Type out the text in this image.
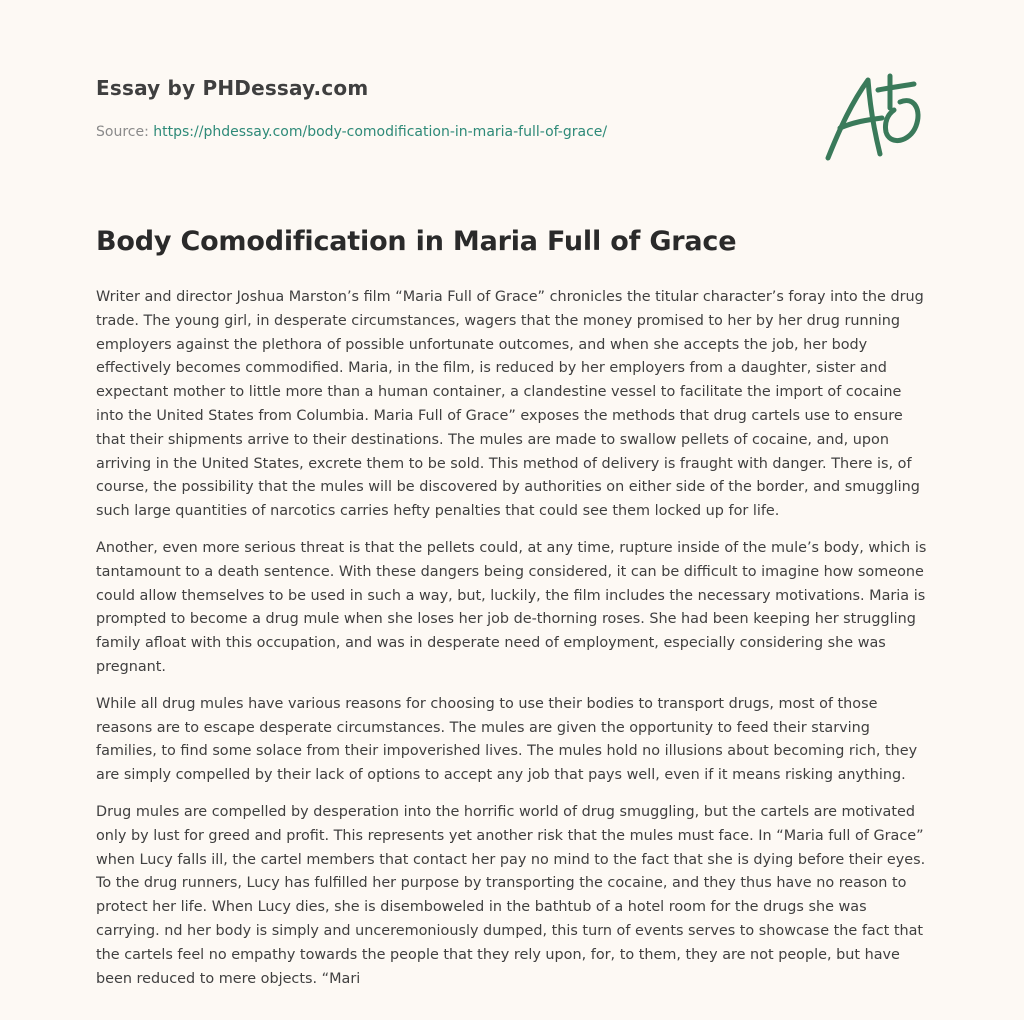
Essay by PHDessay.com
Source: https://phdessay.com/body-comodification-in-maria-full-of-grace/
Body Comodification in Maria Full of Grace

Writer and director Joshua Marston’s film “Maria Full of Grace” chronicles the titular character’s foray into the drug trade. The young girl, in desperate circumstances, wagers that the money promised to her by her drug running employers against the plethora of possible unfortunate outcomes, and when she accepts the job, her body effectively becomes commodified. Maria, in the film, is reduced by her employers from a daughter, sister and expectant mother to little more than a human container, a clandestine vessel to facilitate the import of cocaine into the United States from Columbia. Maria Full of Grace” exposes the methods that drug cartels use to ensure that their shipments arrive to their destinations. The mules are made to swallow pellets of cocaine, and, upon arriving in the United States, excrete them to be sold. This method of delivery is fraught with danger. There is, of course, the possibility that the mules will be discovered by authorities on either side of the border, and smuggling such large quantities of narcotics carries hefty penalties that could see them locked up for life.

Another, even more serious threat is that the pellets could, at any time, rupture inside of the mule’s body, which is tantamount to a death sentence. With these dangers being considered, it can be difficult to imagine how someone could allow themselves to be used in such a way, but, luckily, the film includes the necessary motivations. Maria is prompted to become a drug mule when she loses her job de-thorning roses. She had been keeping her struggling family afloat with this occupation, and was in desperate need of employment, especially considering she was pregnant.

While all drug mules have various reasons for choosing to use their bodies to transport drugs, most of those reasons are to escape desperate circumstances. The mules are given the opportunity to feed their starving families, to find some solace from their impoverished lives. The mules hold no illusions about becoming rich, they are simply compelled by their lack of options to accept any job that pays well, even if it means risking anything.

Drug mules are compelled by desperation into the horrific world of drug smuggling, but the cartels are motivated only by lust for greed and profit. This represents yet another risk that the mules must face. In “Maria full of Grace” when Lucy falls ill, the cartel members that contact her pay no mind to the fact that she is dying before their eyes. To the drug runners, Lucy has fulfilled her purpose by transporting the cocaine, and they thus have no reason to protect her life. When Lucy dies, she is disemboweled in the bathtub of a hotel room for the drugs she was carrying. nd her body is simply and unceremoniously dumped, this turn of events serves to showcase the fact that the cartels feel no empathy towards the people that they rely upon, for, to them, they are not people, but have been reduced to mere objects. “Mari
